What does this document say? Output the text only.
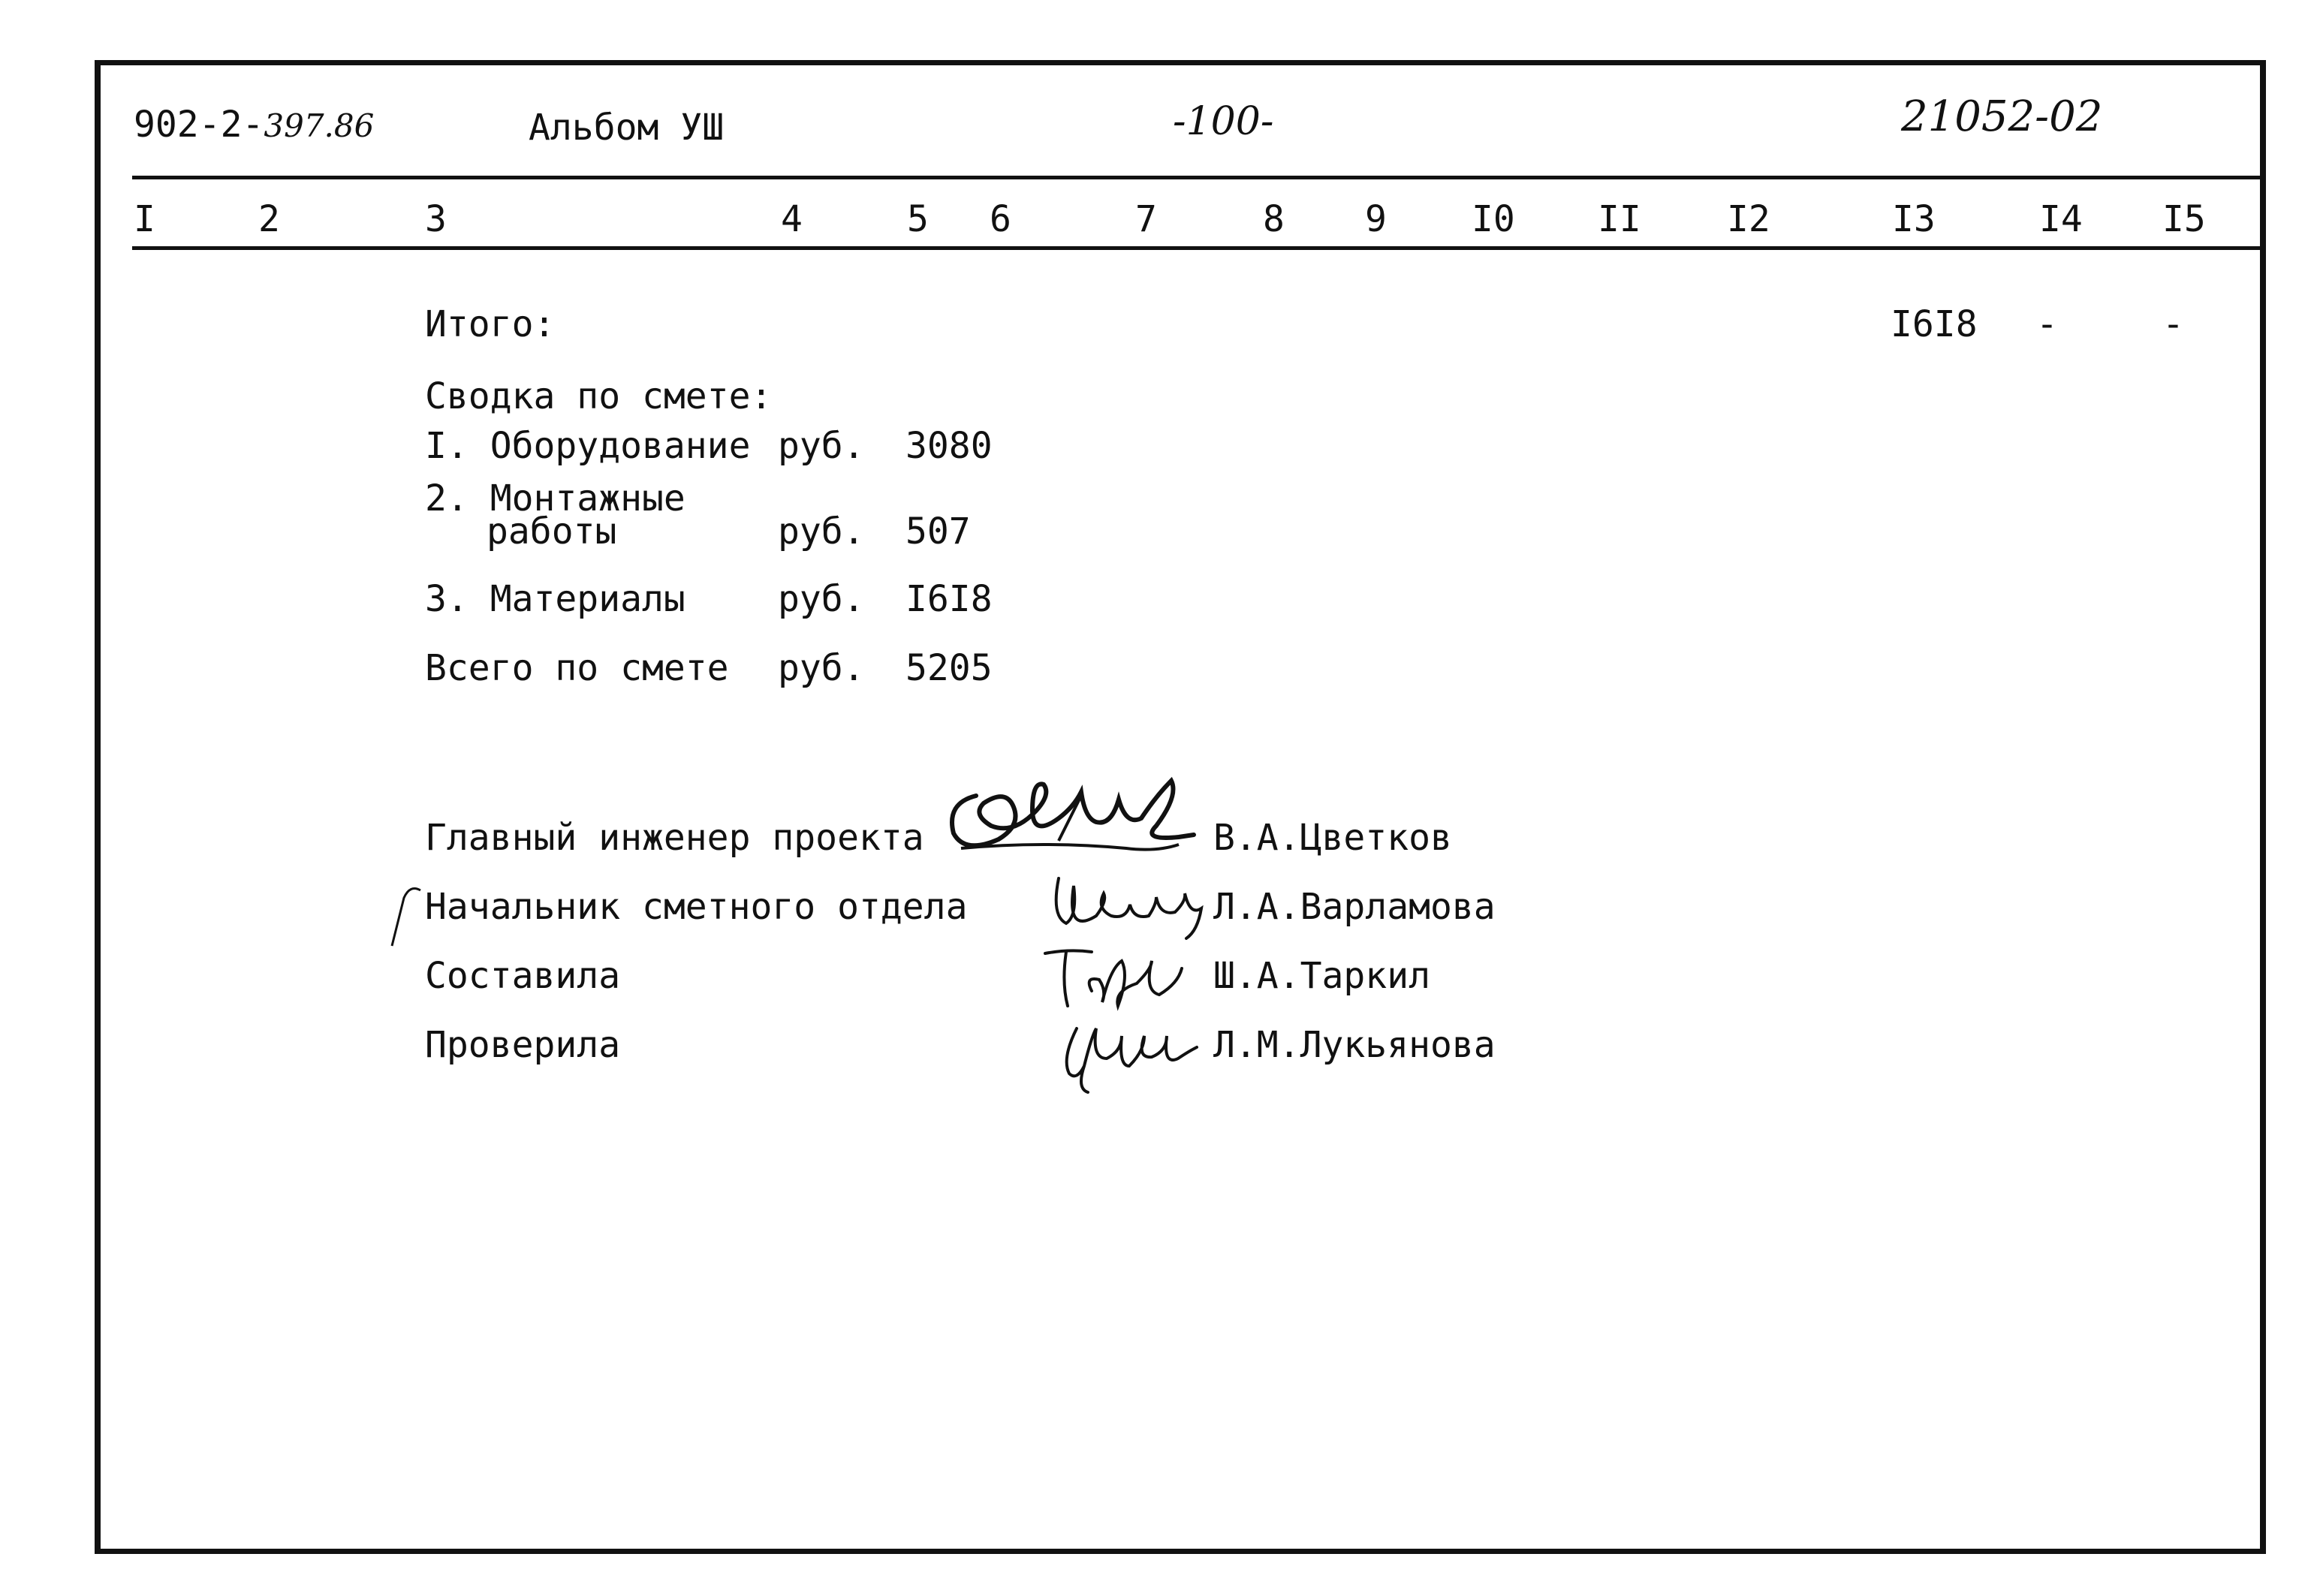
902-2-397.86	Альбом УШ	-100-	21052-02
I	2	3	4	5 6	7	8 9 I0 II I2	I3	I4 I5
Итого:	I6I8 -	-
Сводка по смете:
I. Оборудование руб. 3080
2. Монтажные
работы	руб. 507
3. Материалы	руб. I6I8
Всего по смете руб. 5205
Главный инженер проекта	В.А.Цветков
Начальник сметного отдела	Л.А.Варламова
Составила	Ш.А.Таркил
Проверила	Л.М.Лукьянова
